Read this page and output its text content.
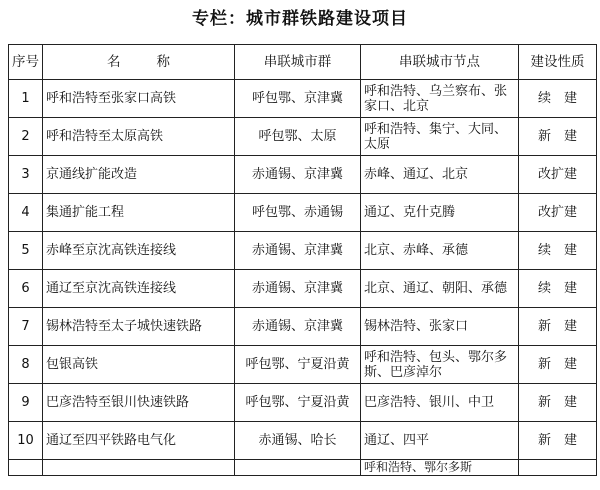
专栏：城市群铁路建设项目
序号	名称	串联城市群	串联城市节点	建设性质
1	呼和浩特至张家口高铁	呼包鄂、京津冀	呼和浩特、乌兰察布、张家口、北京	续　建
2	呼和浩特至太原高铁	呼包鄂、太原	呼和浩特、集宁、大同、太原	新　建
3	京通线扩能改造	赤通锡、京津冀	赤峰、通辽、北京	改扩建
4	集通扩能工程	呼包鄂、赤通锡	通辽、克什克腾	改扩建
5	赤峰至京沈高铁连接线	赤通锡、京津冀	北京、赤峰、承德	续　建
6	通辽至京沈高铁连接线	赤通锡、京津冀	北京、通辽、朝阳、承德	续　建
7	锡林浩特至太子城快速铁路	赤通锡、京津冀	锡林浩特、张家口	新　建
8	包银高铁	呼包鄂、宁夏沿黄	呼和浩特、包头、鄂尔多斯、巴彦淖尔	新　建
9	巴彦浩特至银川快速铁路	呼包鄂、宁夏沿黄	巴彦浩特、银川、中卫	新　建
10	通辽至四平铁路电气化	赤通锡、哈长	通辽、四平	新　建
			呼和浩特、鄂尔多斯	
